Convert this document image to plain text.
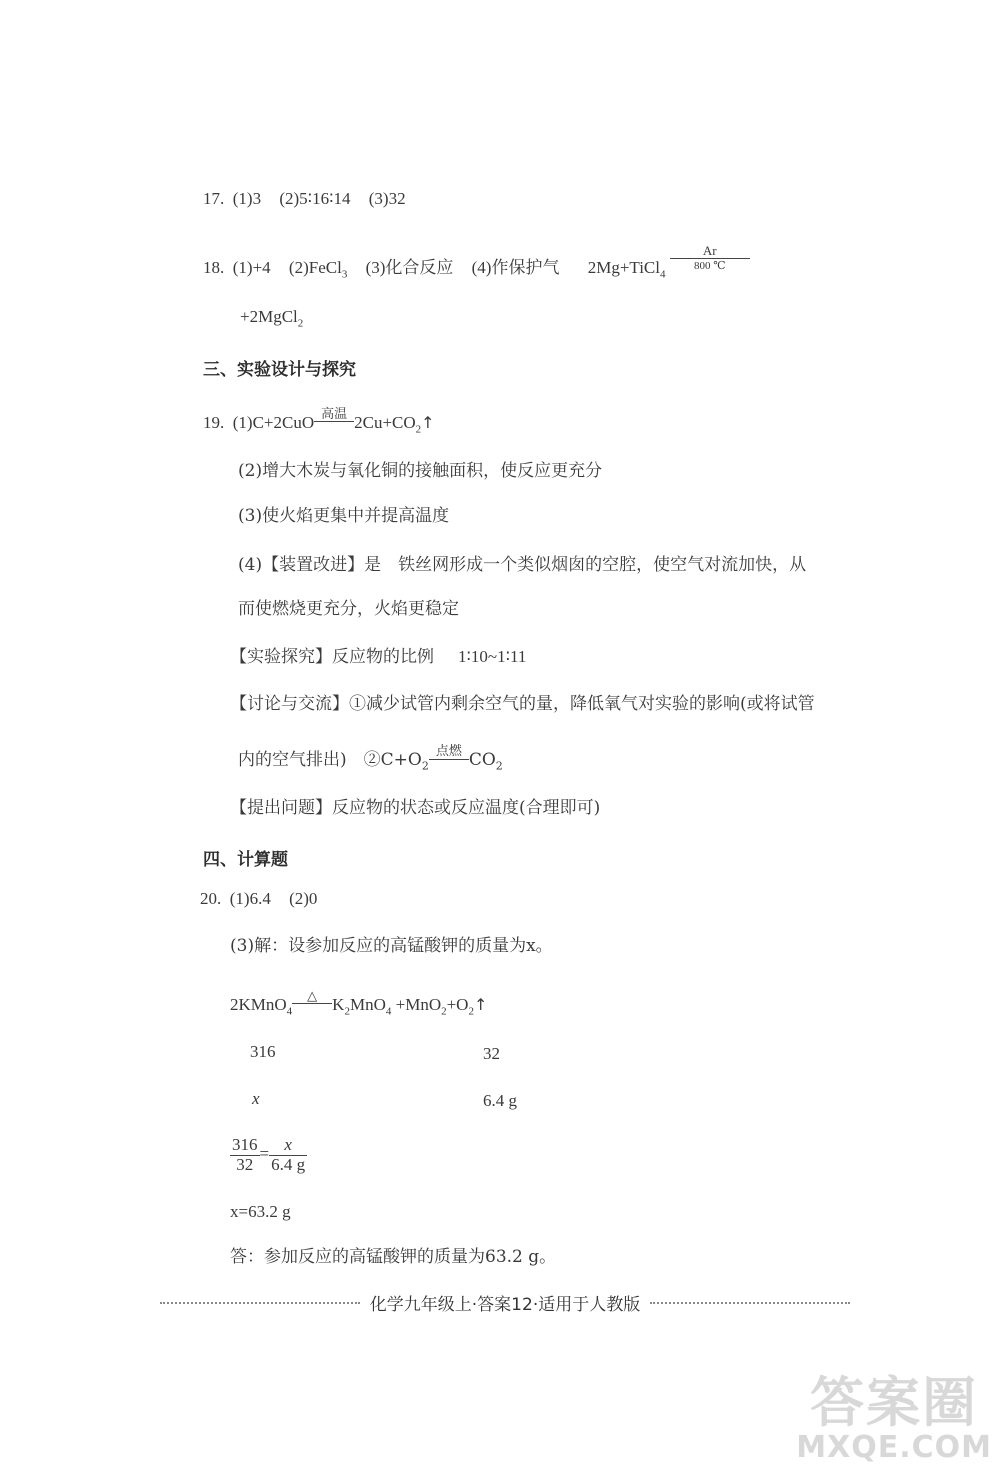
17. (1)3 (2)5∶16∶14 (3)32
18. (1)+4 (2)FeCl$_3$ (3)化合反应 (4)作保护气 2Mg+TiCl$_4$
Ar
800 ℃
+2MgCl$_2$
三、实验设计与探究
19. (1)C+2CuO 高温 $2Cu+CO_2↑$
(2)增大木炭与氧化铜的接触面积，使反应更充分
(3)使火焰更集中并提高温度
(4)【装置改进】是　铁丝网形成一个类似烟囱的空腔，使空气对流加快，从
而使燃烧更充分，火焰更稳定
【实验探究】反应物的比例 1∶10~1∶11
【讨论与交流】①减少试管内剩余空气的量，降低氧气对实验的影响(或将试管
内的空气排出)　$②C+O_2$
点燃 $CO_2$
【提出问题】反应物的状态或反应温度(合理即可)
四、计算题
20. (1)6.4 (2)0
(3)解：设参加反应的高锰酸钾的质量为x。
2KMnO$_4$
△ $K_2MnO_4$ $+MnO_2+O_2↑$
316	32
x	6.4 g
$\frac{316}{32} = \frac{x}{6.4 g}$
x=63.2 g
答：参加反应的高锰酸钾的质量为63.2 g。
化学九年级上·答案12·适用于人教版
答案圈
MXQE.COM
